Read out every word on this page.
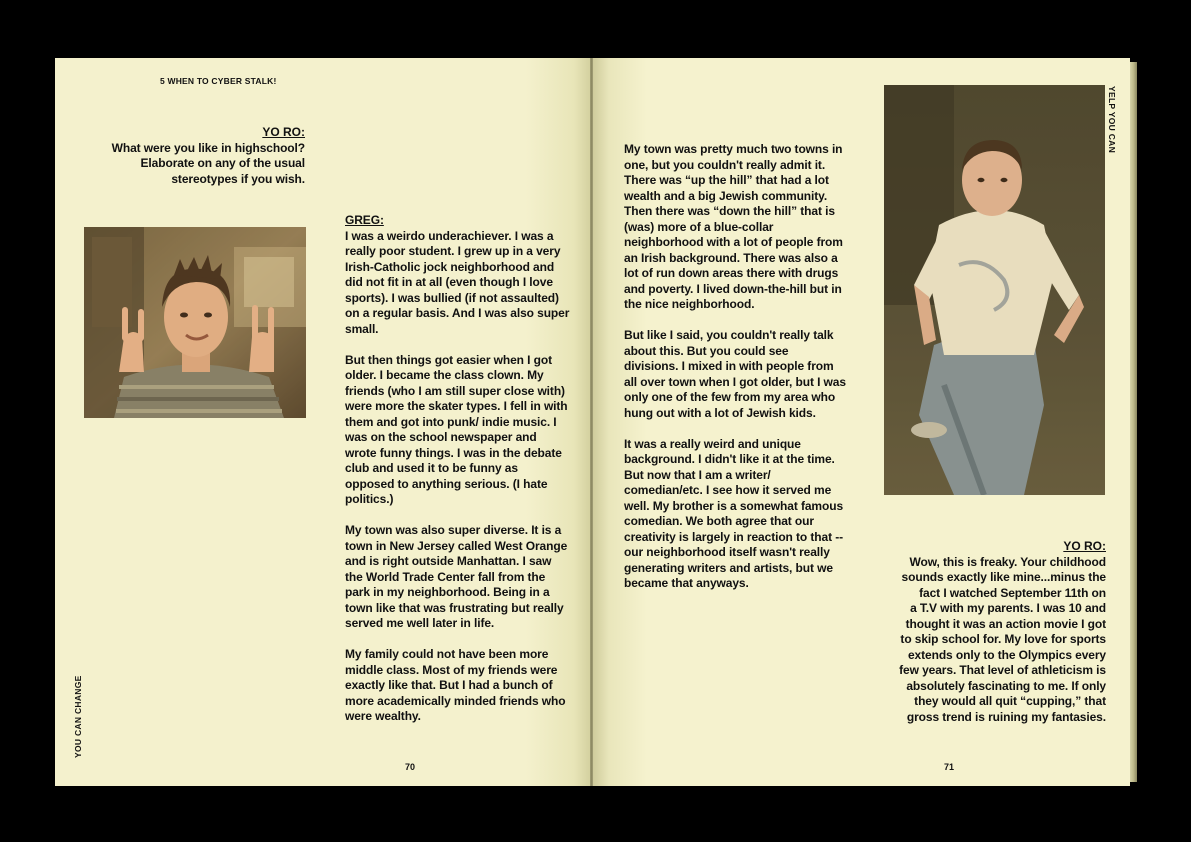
5 WHEN TO CYBER STALK!
YO RO:
What were you like in highschool?
Elaborate on any of the usual
stereotypes if you wish.
GREG:

I was a weirdo underachiever. I was a really poor student. I grew up in a very Irish-Catholic jock neighborhood and did not fit in at all (even though I love sports). I was bullied (if not assaulted) on a regular basis. And I was also super small.

But then things got easier when I got older. I became the class clown. My friends (who I am still super close with) were more the skater types. I fell in with them and got into punk/ indie music. I was on the school newspaper and wrote funny things. I was in the debate club and used it to be funny as opposed to anything serious. (I hate politics.)

My town was also super diverse. It is a town in New Jersey called West Orange and is right outside Manhattan. I saw the World Trade Center fall from the park in my neighborhood. Being in a town like that was frustrating but really served me well later in life.

My family could not have been more middle class. Most of my friends were exactly like that. But I had a bunch of more academically minded friends who were wealthy.

YOU CAN CHANGE
70

My town was pretty much two towns in one, but you couldn't really admit it. There was “up the hill” that had a lot wealth and a big Jewish community. Then there was “down the hill” that is (was) more of a blue-collar neighborhood with a lot of people from an Irish background. There was also a lot of run down areas there with drugs and poverty. I lived down-the-hill but in the nice neighborhood.

But like I said, you couldn't really talk about this. But you could see divisions. I mixed in with people from all over town when I got older, but I was only one of the few from my area who hung out with a lot of Jewish kids.

It was a really weird and unique background. I didn't like it at the time. But now that I am a writer/ comedian/etc. I see how it served me well. My brother is a somewhat famous comedian. We both agree that our creativity is largely in reaction to that -- our neighborhood itself wasn't really generating writers and artists, but we became that anyways.

YELP YOU CAN
YO RO:
Wow, this is freaky. Your childhood
sounds exactly like mine...minus the
fact I watched September 11th on
a T.V with my parents. I was 10 and
thought it was an action movie I got
to skip school for. My love for sports
extends only to the Olympics every
few years. That level of athleticism is
absolutely fascinating to me. If only
they would all quit “cupping,” that
gross trend is ruining my fantasies.
71
